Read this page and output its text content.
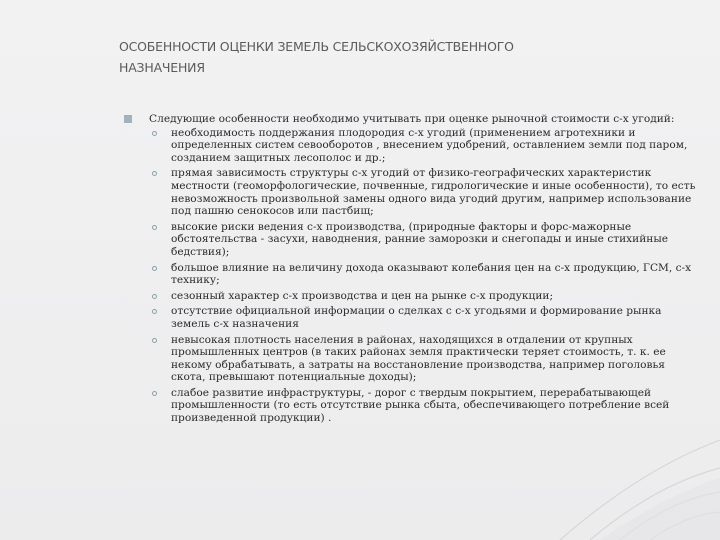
ОСОБЕННОСТИ ОЦЕНКИ ЗЕМЕЛЬ СЕЛЬСКОХОЗЯЙСТВЕННОГО
НАЗНАЧЕНИЯ

Следующие особенности необходимо учитывать при оценке рыночной стоимости с-х угодий:

необходимость поддержания плодородия с-х угодий (применением агротехники и определенных систем севооборотов , внесением удобрений, оставлением земли под паром, созданием защитных лесополос и др.;
прямая зависимость структуры с-х угодий от физико-географических характеристик местности (геоморфологические, почвенные, гидрологические и иные особенности), то есть невозможность произвольной замены одного вида угодий другим, например использование под пашню сенокосов или пастбищ;
высокие риски ведения с-х производства, (природные факторы и форс-мажорные обстоятельства - засухи, наводнения, ранние заморозки и снегопады и иные стихийные бедствия);
большое влияние на величину дохода оказывают колебания цен на с-х продукцию, ГСМ, с-х технику;
сезонный характер с-х производства и цен на рынке с-х продукции;
отсутствие официальной информации о сделках с с-х угодьями и формирование рынка земель с-х назначения
невысокая плотность населения в районах, находящихся в отдалении от крупных промышленных центров (в таких районах земля практически теряет стоимость, т. к. ее некому обрабатывать, а затраты на восстановление производства, например поголовья скота, превышают потенциальные доходы);
слабое развитие инфраструктуры, - дорог с твердым покрытием, перерабатывающей промышленности (то есть отсутствие рынка сбыта, обеспечивающего потребление всей произведенной продукции) .
